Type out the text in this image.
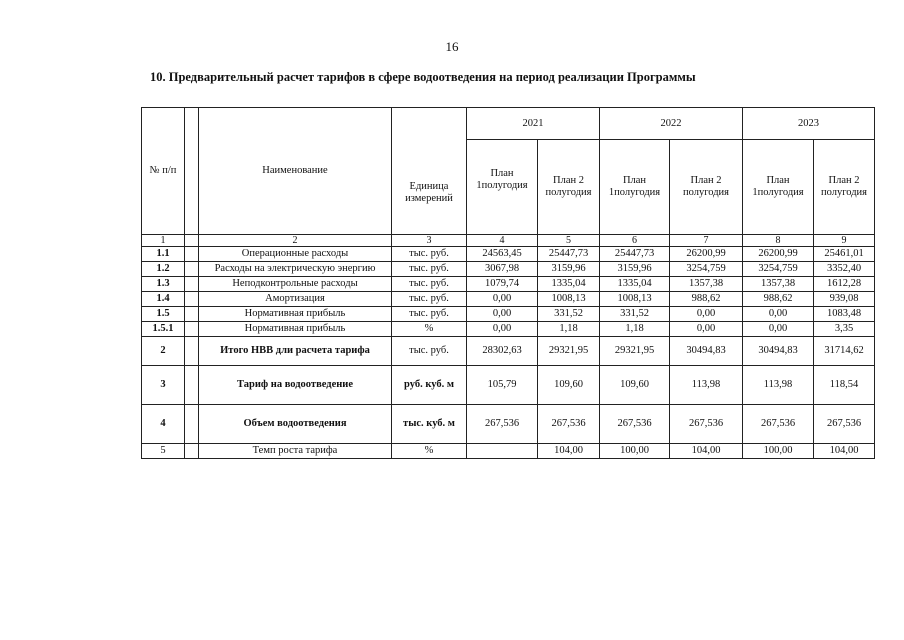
16
10. Предварительный расчет тарифов в сфере водоотведения на период реализации Программы
№ п/п		Наименование	Единица измерений	2021		2022		2023	
				План 1полугодия	План 2 полугодия	План 1полугодия	План 2 полугодия	План 1полугодия	План 2 полугодия
1		2	3	4	5	6	7	8	9
1.1		Операционные расходы	тыс. руб.	24563,45	25447,73	25447,73	26200,99	26200,99	25461,01
1.2		Расходы на электрическую энергию	тыс. руб.	3067,98	3159,96	3159,96	3254,759	3254,759	3352,40
1.3		Неподконтрольные расходы	тыс. руб.	1079,74	1335,04	1335,04	1357,38	1357,38	1612,28
1.4		Амортизация	тыс. руб.	0,00	1008,13	1008,13	988,62	988,62	939,08
1.5		Нормативная прибыль	тыс. руб.	0,00	331,52	331,52	0,00	0,00	1083,48
1.5.1		Нормативная прибыль	%	0,00	1,18	1,18	0,00	0,00	3,35
2		Итого НВВ дли расчета тарифа	тыс. руб.	28302,63	29321,95	29321,95	30494,83	30494,83	31714,62
3		Тариф на водоотведение	руб. куб. м	105,79	109,60	109,60	113,98	113,98	118,54
4		Объем водоотведения	тыс. куб. м	267,536	267,536	267,536	267,536	267,536	267,536
5		Темп роста тарифа	%		104,00	100,00	104,00	100,00	104,00
